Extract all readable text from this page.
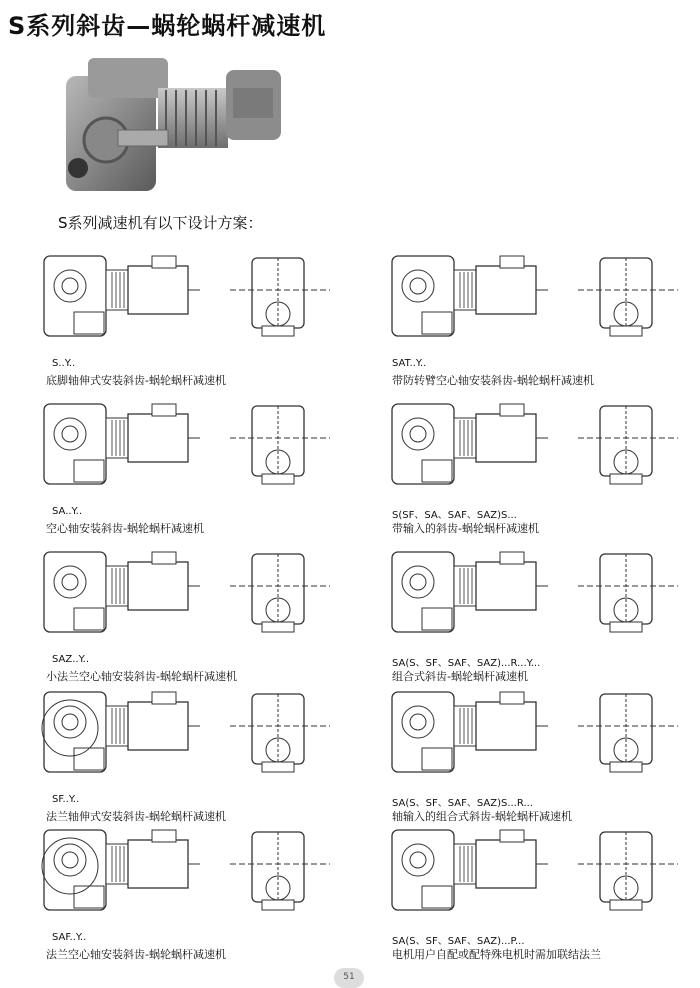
S系列斜齿—蜗轮蜗杆减速机
S系列减速机有以下设计方案：
S..Y..
底脚轴伸式安装斜齿-蜗轮蜗杆减速机
SAT..Y..
带防转臂空心轴安装斜齿-蜗轮蜗杆减速机
SA..Y..
空心轴安装斜齿-蜗轮蜗杆减速机
S(SF、SA、SAF、SAZ)S...
带输入的斜齿-蜗轮蜗杆减速机
SAZ..Y..
小法兰空心轴安装斜齿-蜗轮蜗杆减速机
SA(S、SF、SAF、SAZ)...R...Y...
组合式斜齿-蜗轮蜗杆减速机
SF..Y..
法兰轴伸式安装斜齿-蜗轮蜗杆减速机
SA(S、SF、SAF、SAZ)S...R...
轴输入的组合式斜齿-蜗轮蜗杆减速机
SAF..Y..
法兰空心轴安装斜齿-蜗轮蜗杆减速机
SA(S、SF、SAF、SAZ)...P...
电机用户自配或配特殊电机时需加联结法兰
51
